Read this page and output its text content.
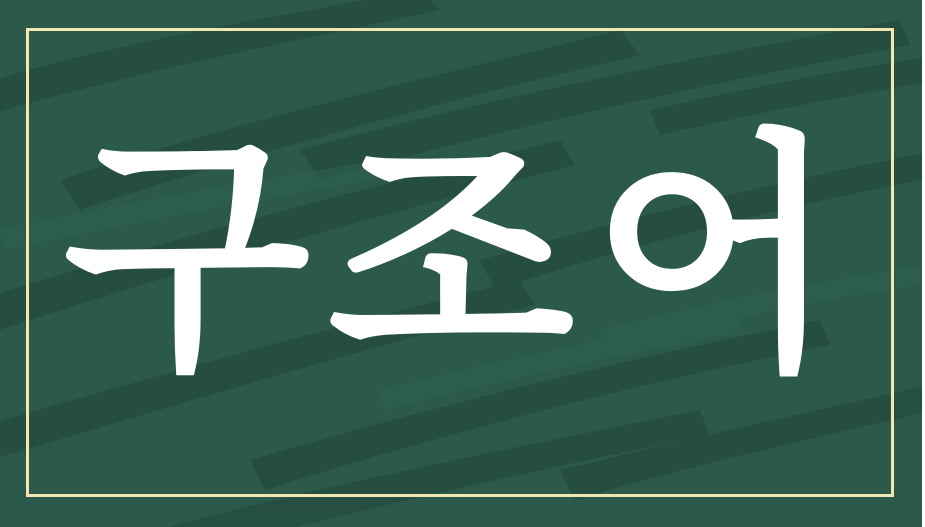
구조어
